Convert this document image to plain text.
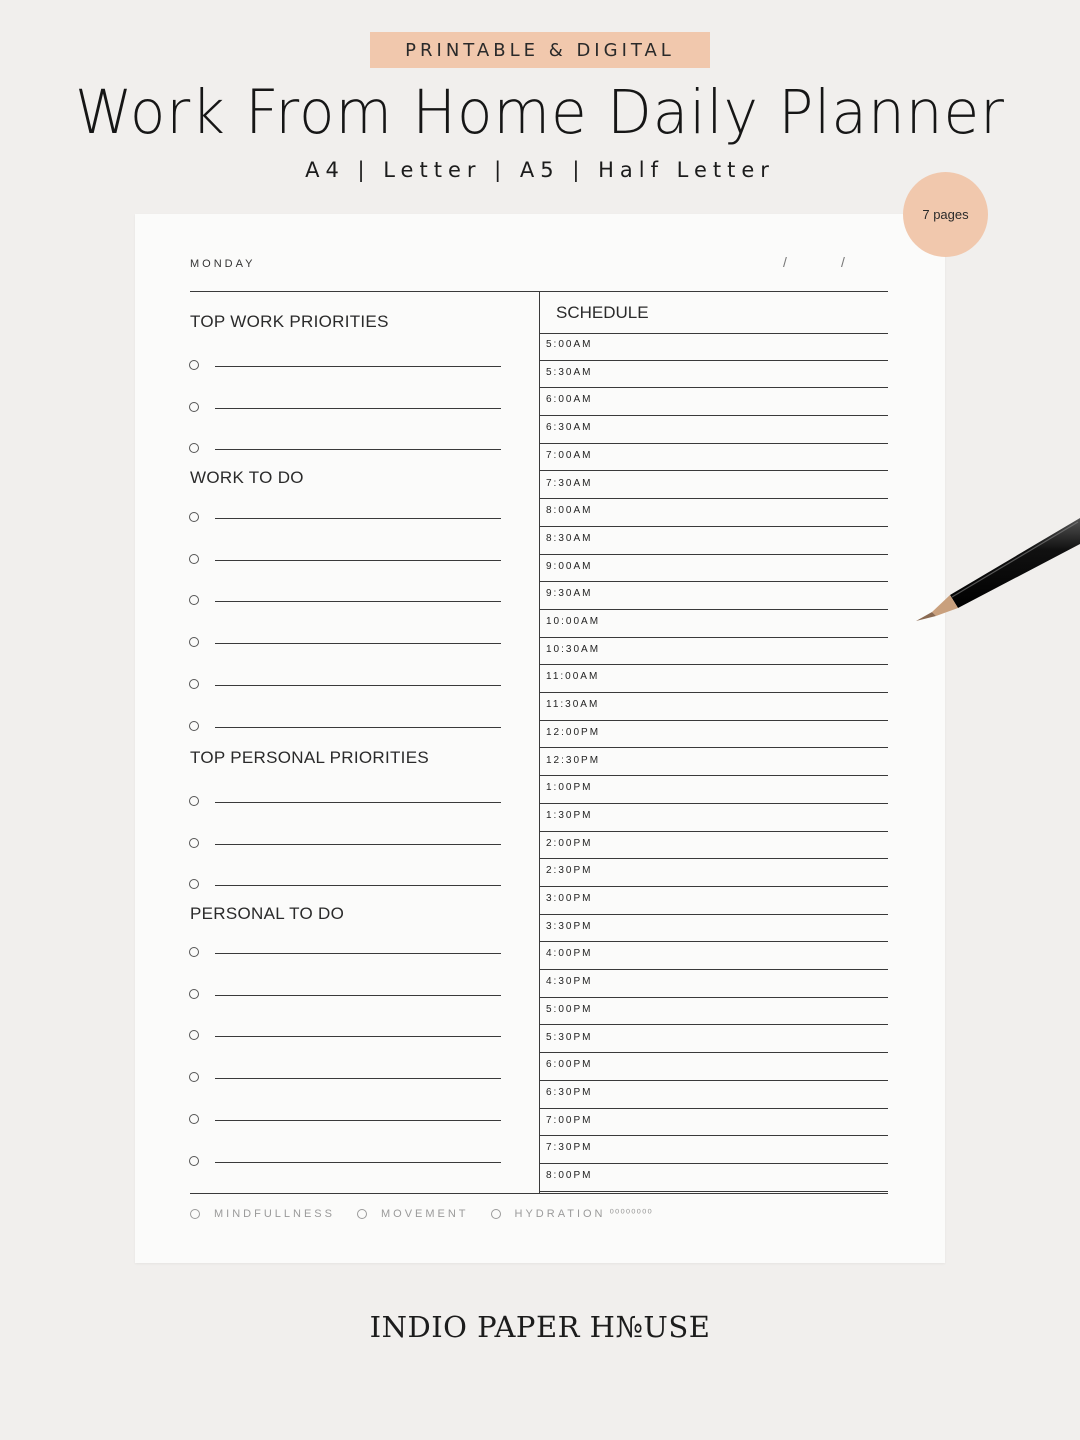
PRINTABLE & DIGITAL
Work From Home Daily Planner
A4 | Letter | A5 | Half Letter
7 pages
MONDAY	/	/
TOP WORK PRIORITIES
WORK TO DO
TOP PERSONAL PRIORITIES
PERSONAL TO DO
SCHEDULE
5:00AM
5:30AM
6:00AM
6:30AM
7:00AM
7:30AM
8:00AM
8:30AM
9:00AM
9:30AM
10:00AM
10:30AM
11:00AM
11:30AM
12:00PM
12:30PM
1:00PM
1:30PM
2:00PM
2:30PM
3:00PM
3:30PM
4:00PM
4:30PM
5:00PM
5:30PM
6:00PM
6:30PM
7:00PM
7:30PM
8:00PM
MINDFULLNESS	MOVEMENT	HYDRATION ⁰⁰⁰⁰⁰⁰⁰⁰
INDIO PAPER H№USE
